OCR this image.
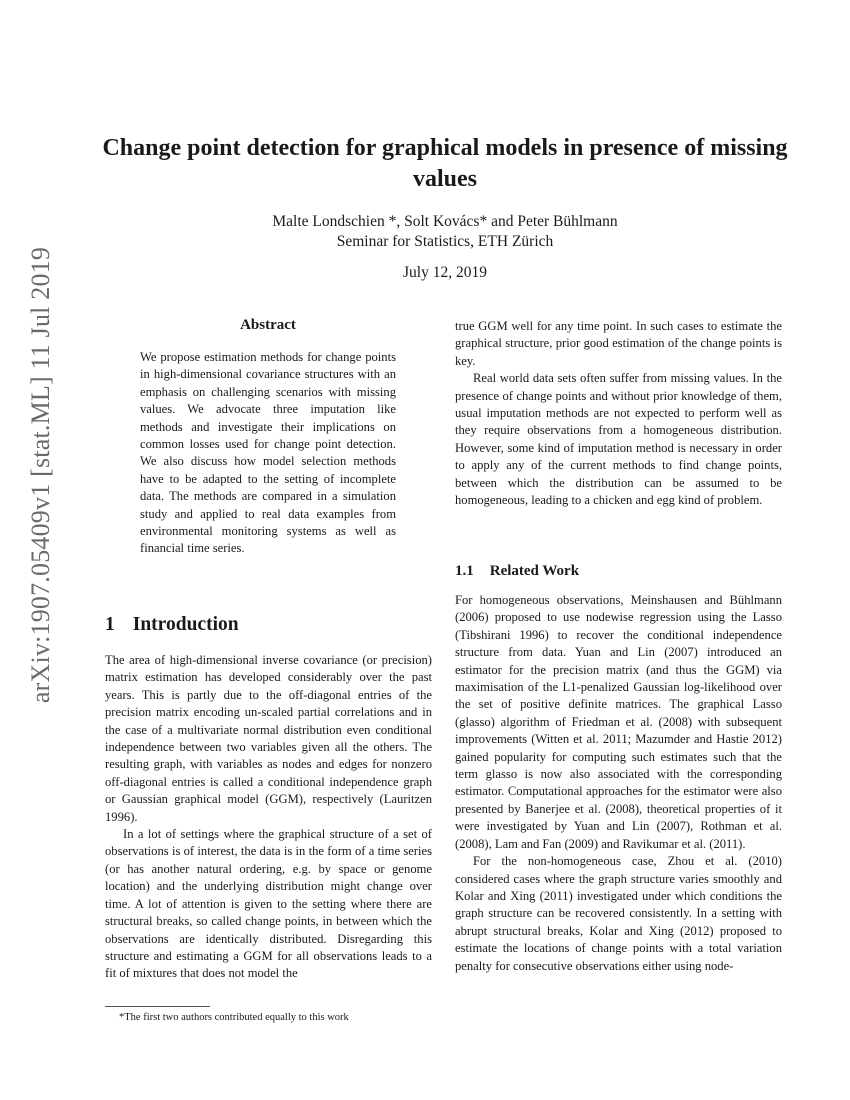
arXiv:1907.05409v1 [stat.ML] 11 Jul 2019
Change point detection for graphical models in presence of missing values
Malte Londschien *, Solt Kovács* and Peter Bühlmann
Seminar for Statistics, ETH Zürich
July 12, 2019
Abstract

We propose estimation methods for change points in high-dimensional covariance structures with an emphasis on challenging scenarios with missing values. We advocate three imputation like methods and investigate their implications on common losses used for change point detection. We also discuss how model selection methods have to be adapted to the setting of incomplete data. The methods are compared in a simulation study and applied to real data examples from environmental monitoring systems as well as financial time series.

1 Introduction

The area of high-dimensional inverse covariance (or precision) matrix estimation has developed considerably over the past years. This is partly due to the off-diagonal entries of the precision matrix encoding un-scaled partial correlations and in the case of a multivariate normal distribution even conditional independence between two variables given all the others. The resulting graph, with variables as nodes and edges for nonzero off-diagonal entries is called a conditional independence graph or Gaussian graphical model (GGM), respectively (Lauritzen 1996).

In a lot of settings where the graphical structure of a set of observations is of interest, the data is in the form of a time series (or has another natural ordering, e.g. by space or genome location) and the underlying distribution might change over time. A lot of attention is given to the setting where there are structural breaks, so called change points, in between which the observations are identically distributed. Disregarding this structure and estimating a GGM for all observations leads to a fit of mixtures that does not model the

true GGM well for any time point. In such cases to estimate the graphical structure, prior good estimation of the change points is key.

Real world data sets often suffer from missing values. In the presence of change points and without prior knowledge of them, usual imputation methods are not expected to perform well as they require observations from a homogeneous distribution. However, some kind of imputation method is necessary in order to apply any of the current methods to find change points, between which the distribution can be assumed to be homogeneous, leading to a chicken and egg kind of problem.

1.1 Related Work

For homogeneous observations, Meinshausen and Bühlmann (2006) proposed to use nodewise regression using the Lasso (Tibshirani 1996) to recover the conditional independence structure from data. Yuan and Lin (2007) introduced an estimator for the precision matrix (and thus the GGM) via maximisation of the L1-penalized Gaussian log-likelihood over the set of positive definite matrices. The graphical Lasso (glasso) algorithm of Friedman et al. (2008) with subsequent improvements (Witten et al. 2011; Mazumder and Hastie 2012) gained popularity for computing such estimates such that the term glasso is now also associated with the corresponding estimator. Computational approaches for the estimator were also presented by Banerjee et al. (2008), theoretical properties of it were investigated by Yuan and Lin (2007), Rothman et al. (2008), Lam and Fan (2009) and Ravikumar et al. (2011).

For the non-homogeneous case, Zhou et al. (2010) considered cases where the graph structure varies smoothly and Kolar and Xing (2011) investigated under which conditions the graph structure can be recovered consistently. In a setting with abrupt structural breaks, Kolar and Xing (2012) proposed to estimate the locations of change points with a total variation penalty for consecutive observations either using node-

*The first two authors contributed equally to this work
